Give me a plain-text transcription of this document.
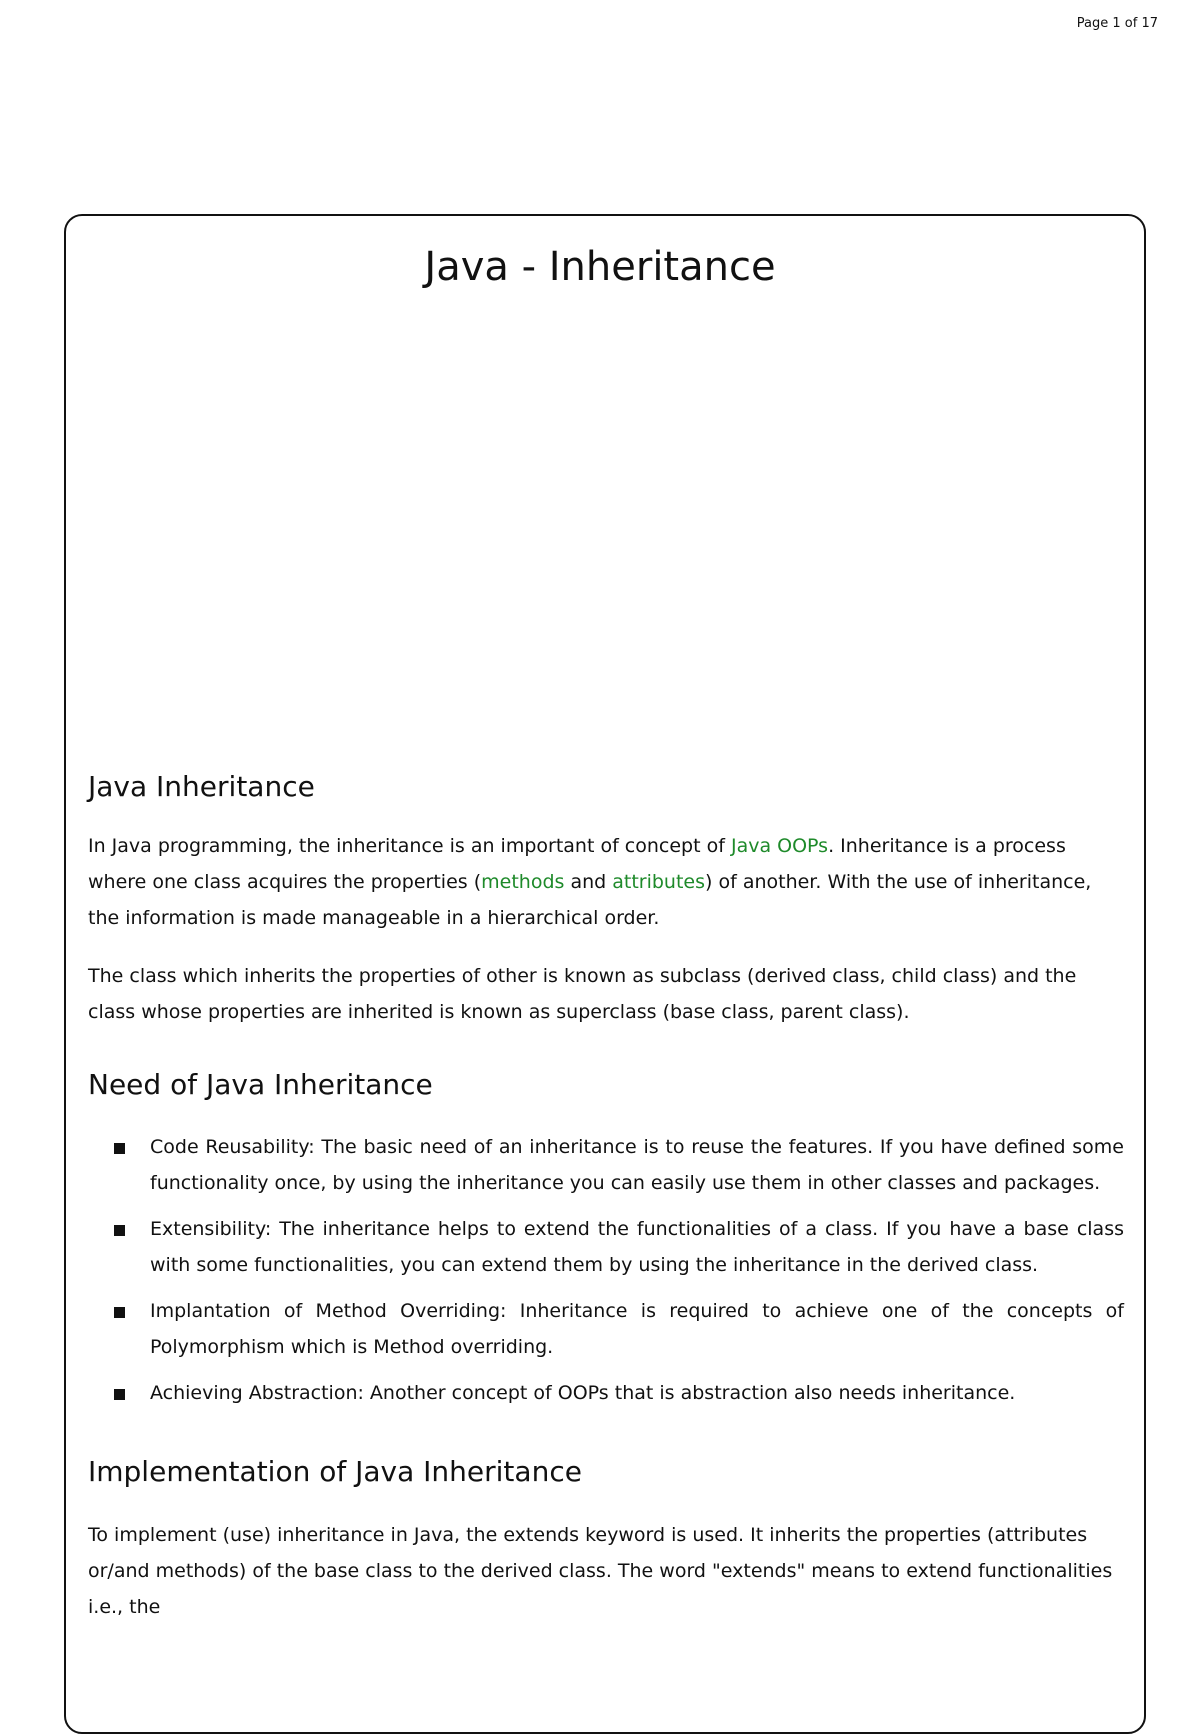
Page 1 of 17
Java - Inheritance
Java Inheritance

In Java programming, the inheritance is an important of concept of Java OOPs. Inheritance is a process where one class acquires the properties (methods and attributes) of another. With the use of inheritance, the information is made manageable in a hierarchical order.

The class which inherits the properties of other is known as subclass (derived class, child class) and the class whose properties are inherited is known as superclass (base class, parent class).

Need of Java Inheritance
Code Reusability: The basic need of an inheritance is to reuse the features. If you have defined some functionality once, by using the inheritance you can easily use them in other classes and packages.
Extensibility: The inheritance helps to extend the functionalities of a class. If you have a base class with some functionalities, you can extend them by using the inheritance in the derived class.
Implantation of Method Overriding: Inheritance is required to achieve one of the concepts of Polymorphism which is Method overriding.
Achieving Abstraction: Another concept of OOPs that is abstraction also needs inheritance.
Implementation of Java Inheritance

To implement (use) inheritance in Java, the extends keyword is used. It inherits the properties (attributes or/and methods) of the base class to the derived class. The word "extends" means to extend functionalities i.e., the
